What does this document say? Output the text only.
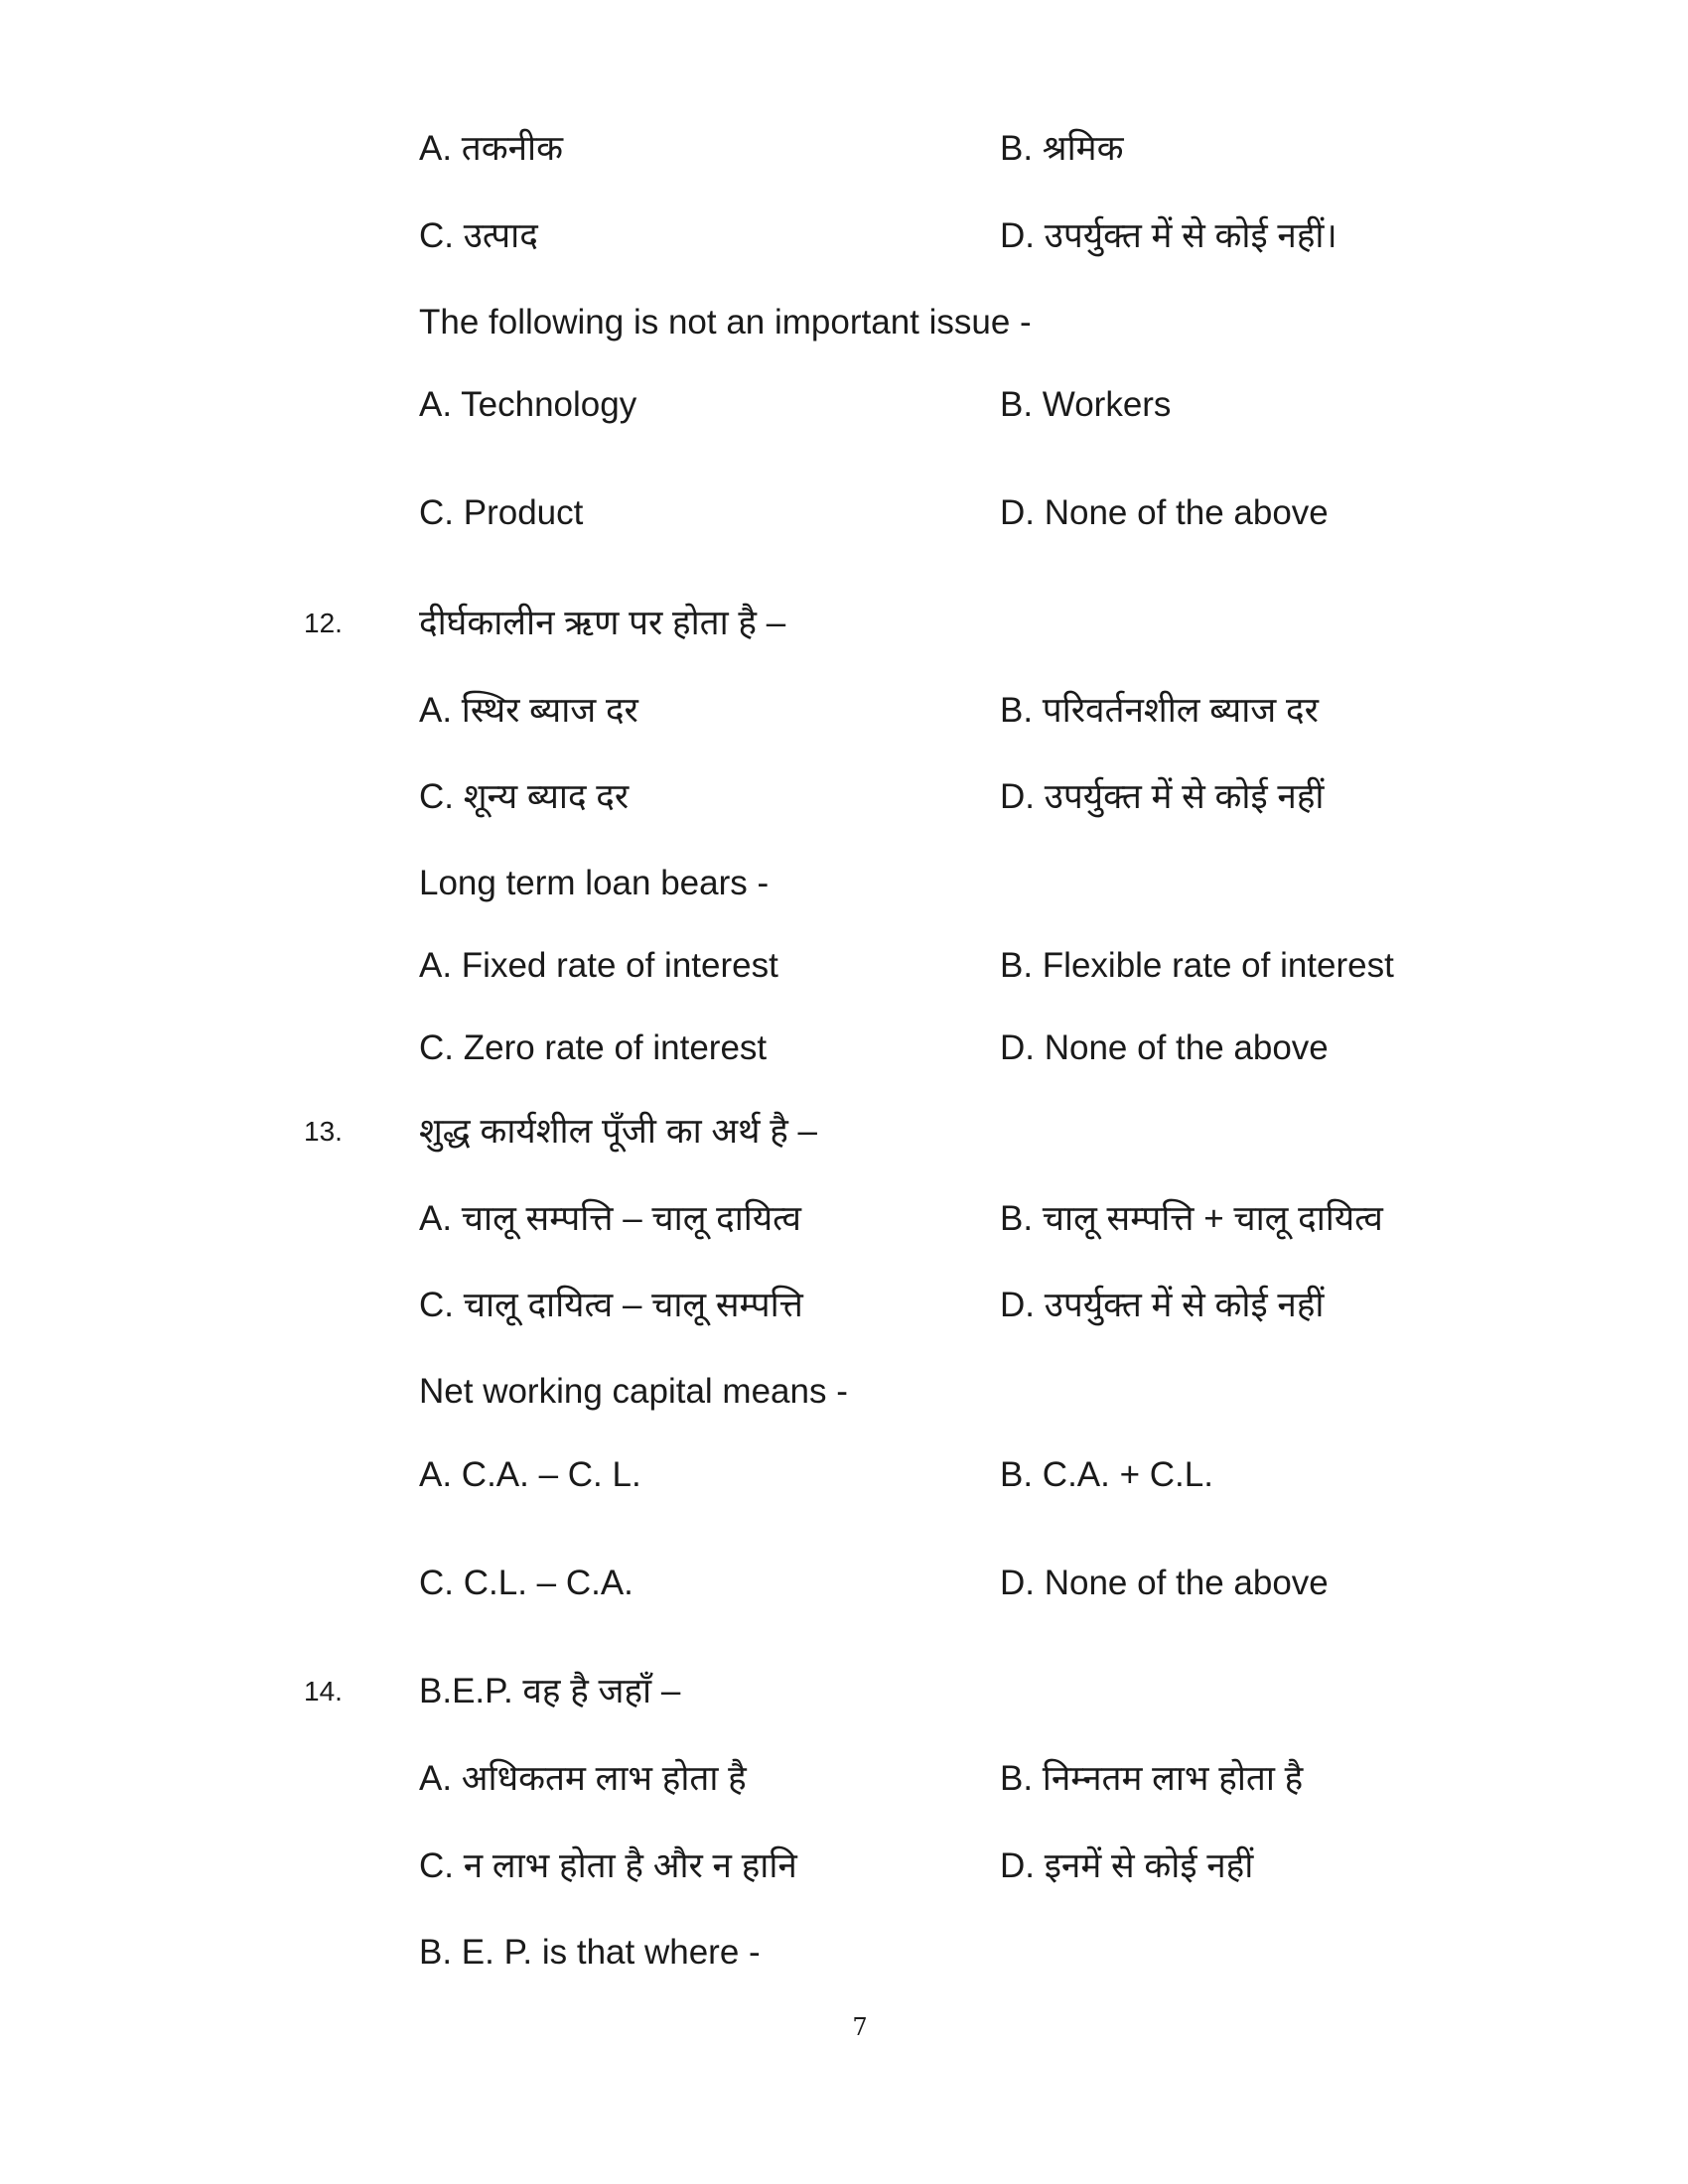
A. तकनीक	B. श्रमिक
C. उत्पाद	D. उपर्युक्त में से कोई नहीं।
The following is not an important issue -
A. Technology	B. Workers
C. Product	D. None of the above
12. दीर्घकालीन ऋण पर होता है –
A. स्थिर ब्याज दर	B. परिवर्तनशील ब्याज दर
C. शून्य ब्याद दर	D. उपर्युक्त में से कोई नहीं
Long term loan bears -
A. Fixed rate of interest	B. Flexible rate of interest
C. Zero rate of interest	D. None of the above
13. शुद्ध कार्यशील पूँजी का अर्थ है –
A. चालू सम्पत्ति – चालू दायित्व	B. चालू सम्पत्ति + चालू दायित्व
C. चालू दायित्व – चालू सम्पत्ति	D. उपर्युक्त में से कोई नहीं
Net working capital means -
A. C.A. – C. L.	B. C.A. + C.L.
C. C.L. – C.A.	D. None of the above
14. B.E.P. वह है जहाँ –
A. अधिकतम लाभ होता है	B. निम्नतम लाभ होता है
C. न लाभ होता है और न हानि	D. इनमें से कोई नहीं
B. E. P. is that where -
7
